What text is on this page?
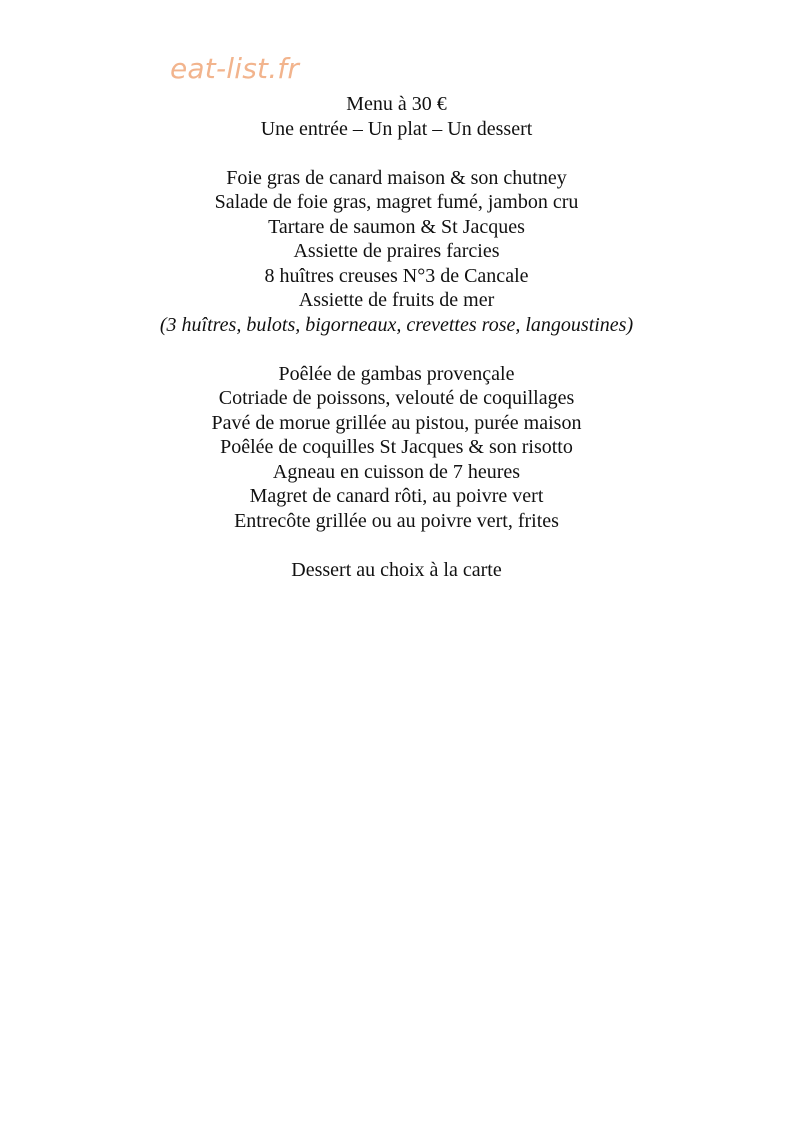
eat-list.fr
Menu à 30 €
Une entrée – Un plat – Un dessert
Foie gras de canard maison & son chutney
Salade de foie gras, magret fumé, jambon cru
Tartare de saumon & St Jacques
Assiette de praires farcies
8 huîtres creuses N°3 de Cancale
Assiette de fruits de mer
(3 huîtres, bulots, bigorneaux, crevettes rose, langoustines)
Poêlée de gambas provençale
Cotriade de poissons, velouté de coquillages
Pavé de morue grillée au pistou, purée maison
Poêlée de coquilles St Jacques & son risotto
Agneau en cuisson de 7 heures
Magret de canard rôti, au poivre vert
Entrecôte grillée ou au poivre vert, frites
Dessert au choix à la carte
